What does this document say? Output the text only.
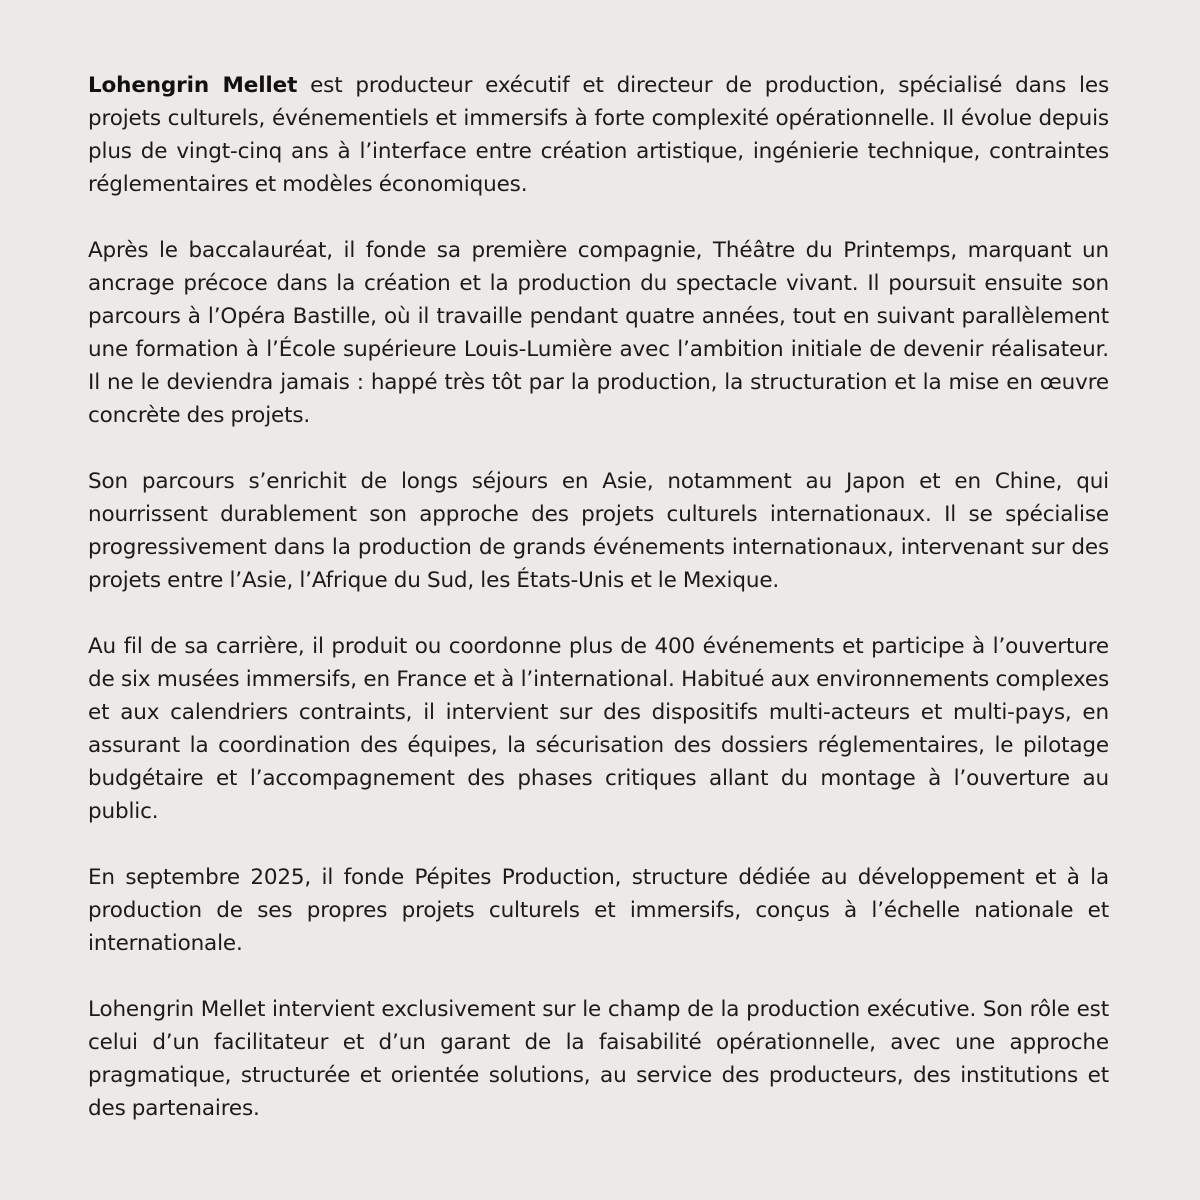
Lohengrin Mellet est producteur exécutif et directeur de production, spécialisé dans les projets culturels, événementiels et immersifs à forte complexité opérationnelle. Il évolue depuis plus de vingt-cinq ans à l’interface entre création artistique, ingénierie technique, contraintes réglementaires et modèles économiques.

Après le baccalauréat, il fonde sa première compagnie, Théâtre du Printemps, marquant un ancrage précoce dans la création et la production du spectacle vivant. Il poursuit ensuite son parcours à l’Opéra Bastille, où il travaille pendant quatre années, tout en suivant parallèlement une formation à l’École supérieure Louis-Lumière avec l’ambition initiale de devenir réalisateur. Il ne le deviendra jamais : happé très tôt par la production, la structuration et la mise en œuvre concrète des projets.

Son parcours s’enrichit de longs séjours en Asie, notamment au Japon et en Chine, qui nourrissent durablement son approche des projets culturels internationaux. Il se spécialise progressivement dans la production de grands événements internationaux, intervenant sur des projets entre l’Asie, l’Afrique du Sud, les États-Unis et le Mexique.

Au fil de sa carrière, il produit ou coordonne plus de 400 événements et participe à l’ouverture de six musées immersifs, en France et à l’international. Habitué aux environnements complexes et aux calendriers contraints, il intervient sur des dispositifs multi-acteurs et multi-pays, en assurant la coordination des équipes, la sécurisation des dossiers réglementaires, le pilotage budgétaire et l’accompagnement des phases critiques allant du montage à l’ouverture au public.

En septembre 2025, il fonde Pépites Production, structure dédiée au développement et à la production de ses propres projets culturels et immersifs, conçus à l’échelle nationale et internationale.

Lohengrin Mellet intervient exclusivement sur le champ de la production exécutive. Son rôle est celui d’un facilitateur et d’un garant de la faisabilité opérationnelle, avec une approche pragmatique, structurée et orientée solutions, au service des producteurs, des institutions et des partenaires.
